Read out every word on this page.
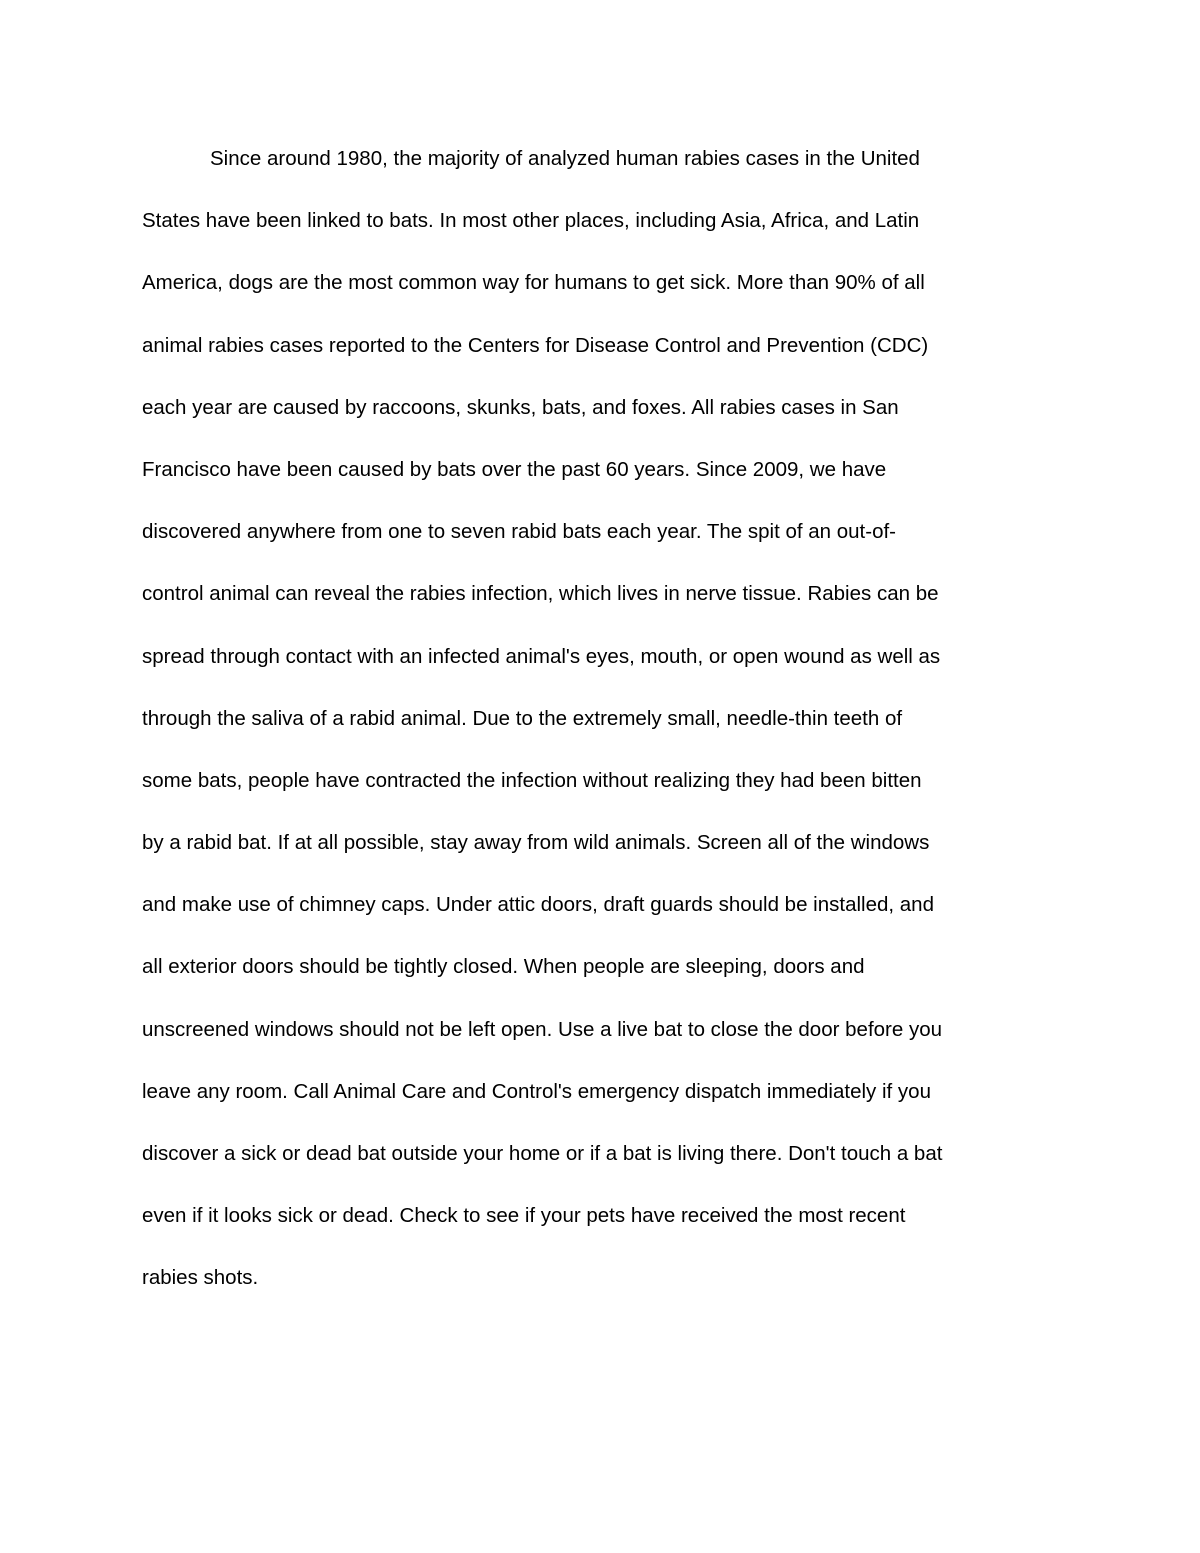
Since around 1980, the majority of analyzed human rabies cases in the United
States have been linked to bats. In most other places, including Asia, Africa, and Latin
America, dogs are the most common way for humans to get sick. More than 90% of all
animal rabies cases reported to the Centers for Disease Control and Prevention (CDC)
each year are caused by raccoons, skunks, bats, and foxes. All rabies cases in San
Francisco have been caused by bats over the past 60 years. Since 2009, we have
discovered anywhere from one to seven rabid bats each year. The spit of an out-of-
control animal can reveal the rabies infection, which lives in nerve tissue. Rabies can be
spread through contact with an infected animal's eyes, mouth, or open wound as well as
through the saliva of a rabid animal. Due to the extremely small, needle-thin teeth of
some bats, people have contracted the infection without realizing they had been bitten
by a rabid bat. If at all possible, stay away from wild animals. Screen all of the windows
and make use of chimney caps. Under attic doors, draft guards should be installed, and
all exterior doors should be tightly closed. When people are sleeping, doors and
unscreened windows should not be left open. Use a live bat to close the door before you
leave any room. Call Animal Care and Control's emergency dispatch immediately if you
discover a sick or dead bat outside your home or if a bat is living there. Don't touch a bat
even if it looks sick or dead. Check to see if your pets have received the most recent
rabies shots.
